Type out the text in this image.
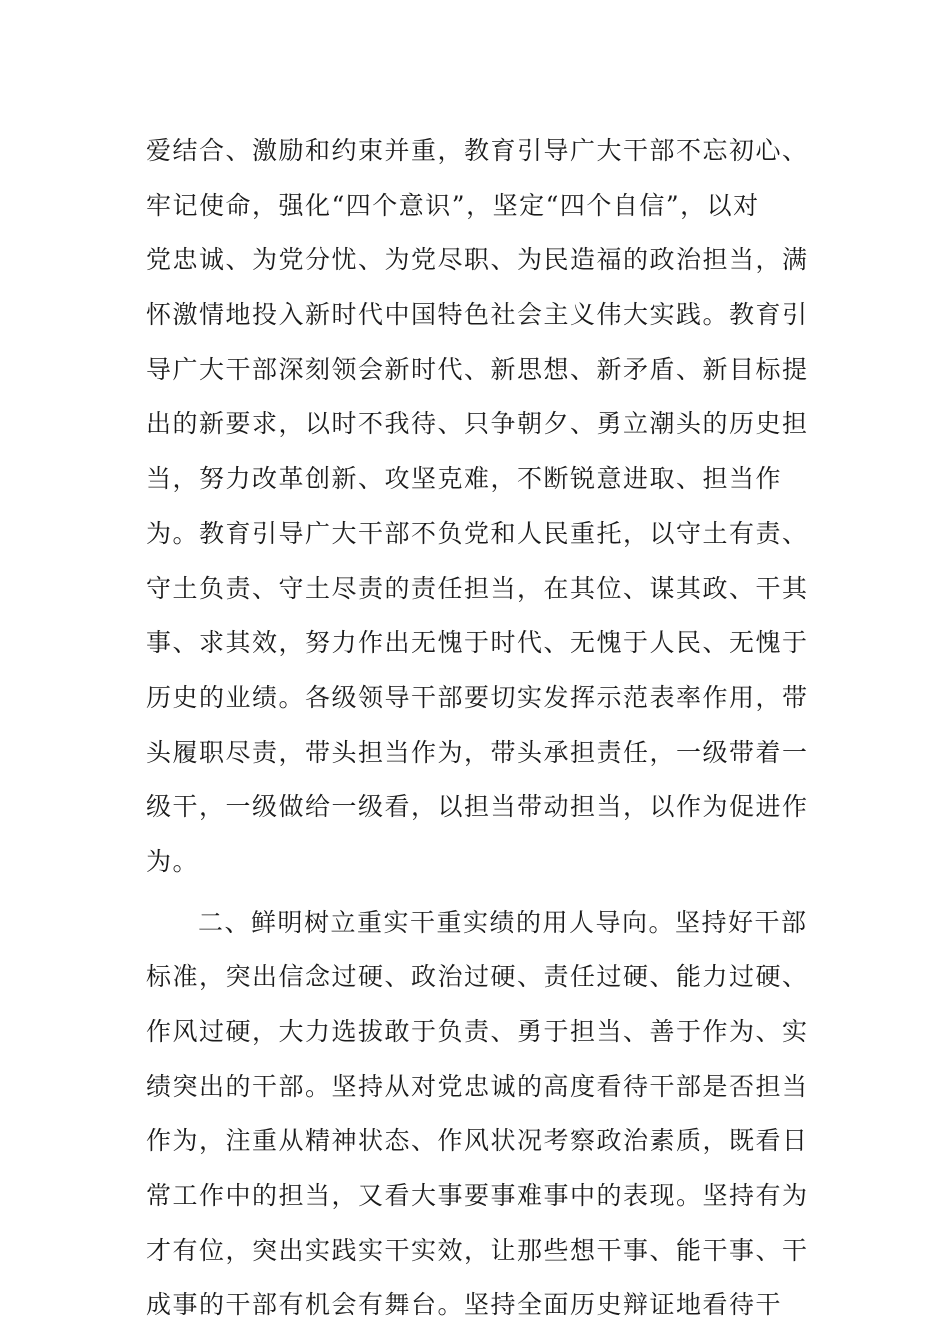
爱结合、激励和约束并重，教育引导广大干部不忘初心、
牢记使命，强化“四个意识”，坚定“四个自信”，以对
党忠诚、为党分忧、为党尽职、为民造福的政治担当，满
怀激情地投入新时代中国特色社会主义伟大实践。教育引
导广大干部深刻领会新时代、新思想、新矛盾、新目标提
出的新要求，以时不我待、只争朝夕、勇立潮头的历史担
当，努力改革创新、攻坚克难，不断锐意进取、担当作
为。教育引导广大干部不负党和人民重托，以守土有责、
守土负责、守土尽责的责任担当，在其位、谋其政、干其
事、求其效，努力作出无愧于时代、无愧于人民、无愧于
历史的业绩。各级领导干部要切实发挥示范表率作用，带
头履职尽责，带头担当作为，带头承担责任，一级带着一
级干，一级做给一级看，以担当带动担当，以作为促进作
为。
二、鲜明树立重实干重实绩的用人导向。坚持好干部
标准，突出信念过硬、政治过硬、责任过硬、能力过硬、
作风过硬，大力选拔敢于负责、勇于担当、善于作为、实
绩突出的干部。坚持从对党忠诚的高度看待干部是否担当
作为，注重从精神状态、作风状况考察政治素质，既看日
常工作中的担当，又看大事要事难事中的表现。坚持有为
才有位，突出实践实干实效，让那些想干事、能干事、干
成事的干部有机会有舞台。坚持全面历史辩证地看待干
